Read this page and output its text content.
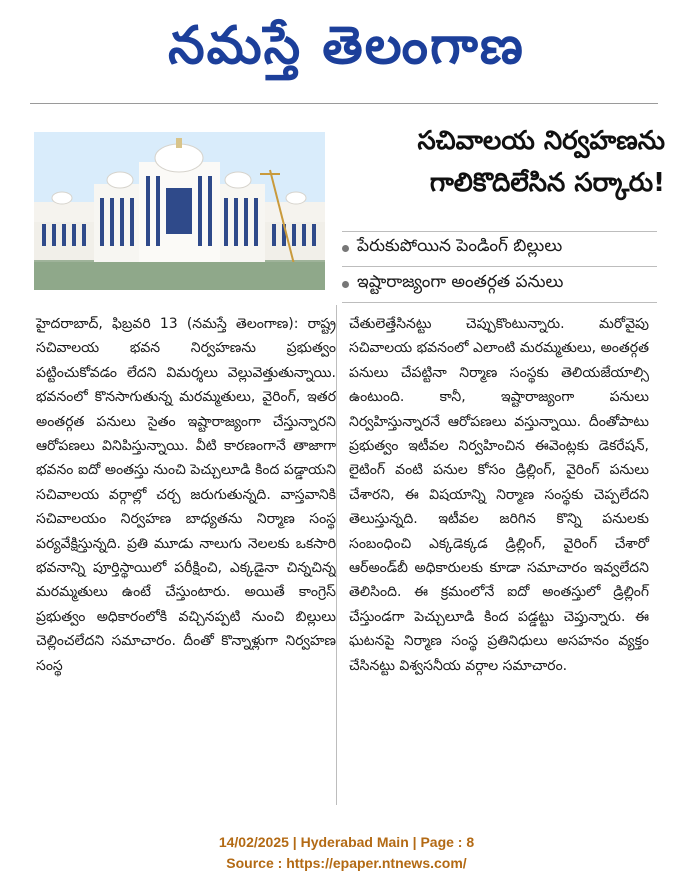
నమస్తే తెలంగాణ
సచివాలయ నిర్వహణను
గాలికొదిలేసిన సర్కారు!
పేరుకుపోయిన పెండింగ్‌ బిల్లులు
ఇష్టారాజ్యంగా అంతర్గత పనులు

హైదరాబాద్‌, ఫిబ్రవరి 13 (నమస్తే తెలంగాణ): రాష్ట్ర సచివాలయ భవన నిర్వహణను ప్రభుత్వం పట్టించుకోవడం లేదని విమర్శలు వెల్లువెత్తుతున్నాయి. భవనంలో కొనసాగుతున్న మరమ్మతులు, వైరింగ్‌, ఇతర అంతర్గత పనులు సైతం ఇష్టారాజ్యంగా చేస్తున్నారని ఆరోపణలు వినిపిస్తున్నాయి. వీటి కారణంగానే తాజాగా భవనం ఐదో అంతస్తు నుంచి పెచ్చులూడి కింద పడ్డాయని సచివాలయ వర్గాల్లో చర్చ జరుగుతున్నది. వాస్తవానికి సచివాలయం నిర్వహణ బాధ్యతను నిర్మాణ సంస్థ పర్యవేక్షిస్తున్నది. ప్రతి మూడు నాలుగు నెలలకు ఒకసారి భవనాన్ని పూర్తిస్థాయిలో పరీక్షించి, ఎక్కడైనా చిన్నచిన్న మరమ్మతులు ఉంటే చేస్తుంటారు. అయితే కాంగ్రెస్‌ ప్రభుత్వం అధికారంలోకి వచ్చినప్పటి నుంచి బిల్లులు చెల్లించలేదని సమాచారం. దీంతో కొన్నాళ్లుగా నిర్వహణ సంస్థ

చేతులెత్తేసినట్టు చెప్పుకొంటున్నారు. మరోవైపు సచివాలయ భవనంలో ఎలాంటి మరమ్మతులు, అంతర్గత పనులు చేపట్టినా నిర్మాణ సంస్థకు తెలియజేయాల్సి ఉంటుంది. కానీ, ఇష్టారాజ్యంగా పనులు నిర్వహిస్తున్నారనే ఆరోపణలు వస్తున్నాయి. దీంతోపాటు ప్రభుత్వం ఇటీవల నిర్వహించిన ఈవెంట్లకు డెకరేషన్‌, లైటింగ్‌ వంటి పనుల కోసం డ్రిల్లింగ్‌, వైరింగ్‌ పనులు చేశారని, ఈ విషయాన్ని నిర్మాణ సంస్థకు చెప్పలేదని తెలుస్తున్నది. ఇటీవల జరిగిన కొన్ని పనులకు సంబంధించి ఎక్కడెక్కడ డ్రిల్లింగ్‌, వైరింగ్‌ చేశారో ఆర్‌అండ్‌బీ అధికారులకు కూడా సమాచారం ఇవ్వలేదని తెలిసింది. ఈ క్రమంలోనే ఐదో అంతస్తులో డ్రిల్లింగ్‌ చేస్తుండగా పెచ్చులూడి కింద పడ్డట్టు చెప్తున్నారు. ఈ ఘటనపై నిర్మాణ సంస్థ ప్రతినిధులు అసహనం వ్యక్తం చేసినట్టు విశ్వసనీయ వర్గాల సమాచారం.

14/02/2025 | Hyderabad Main | Page : 8
Source : https://epaper.ntnews.com/
